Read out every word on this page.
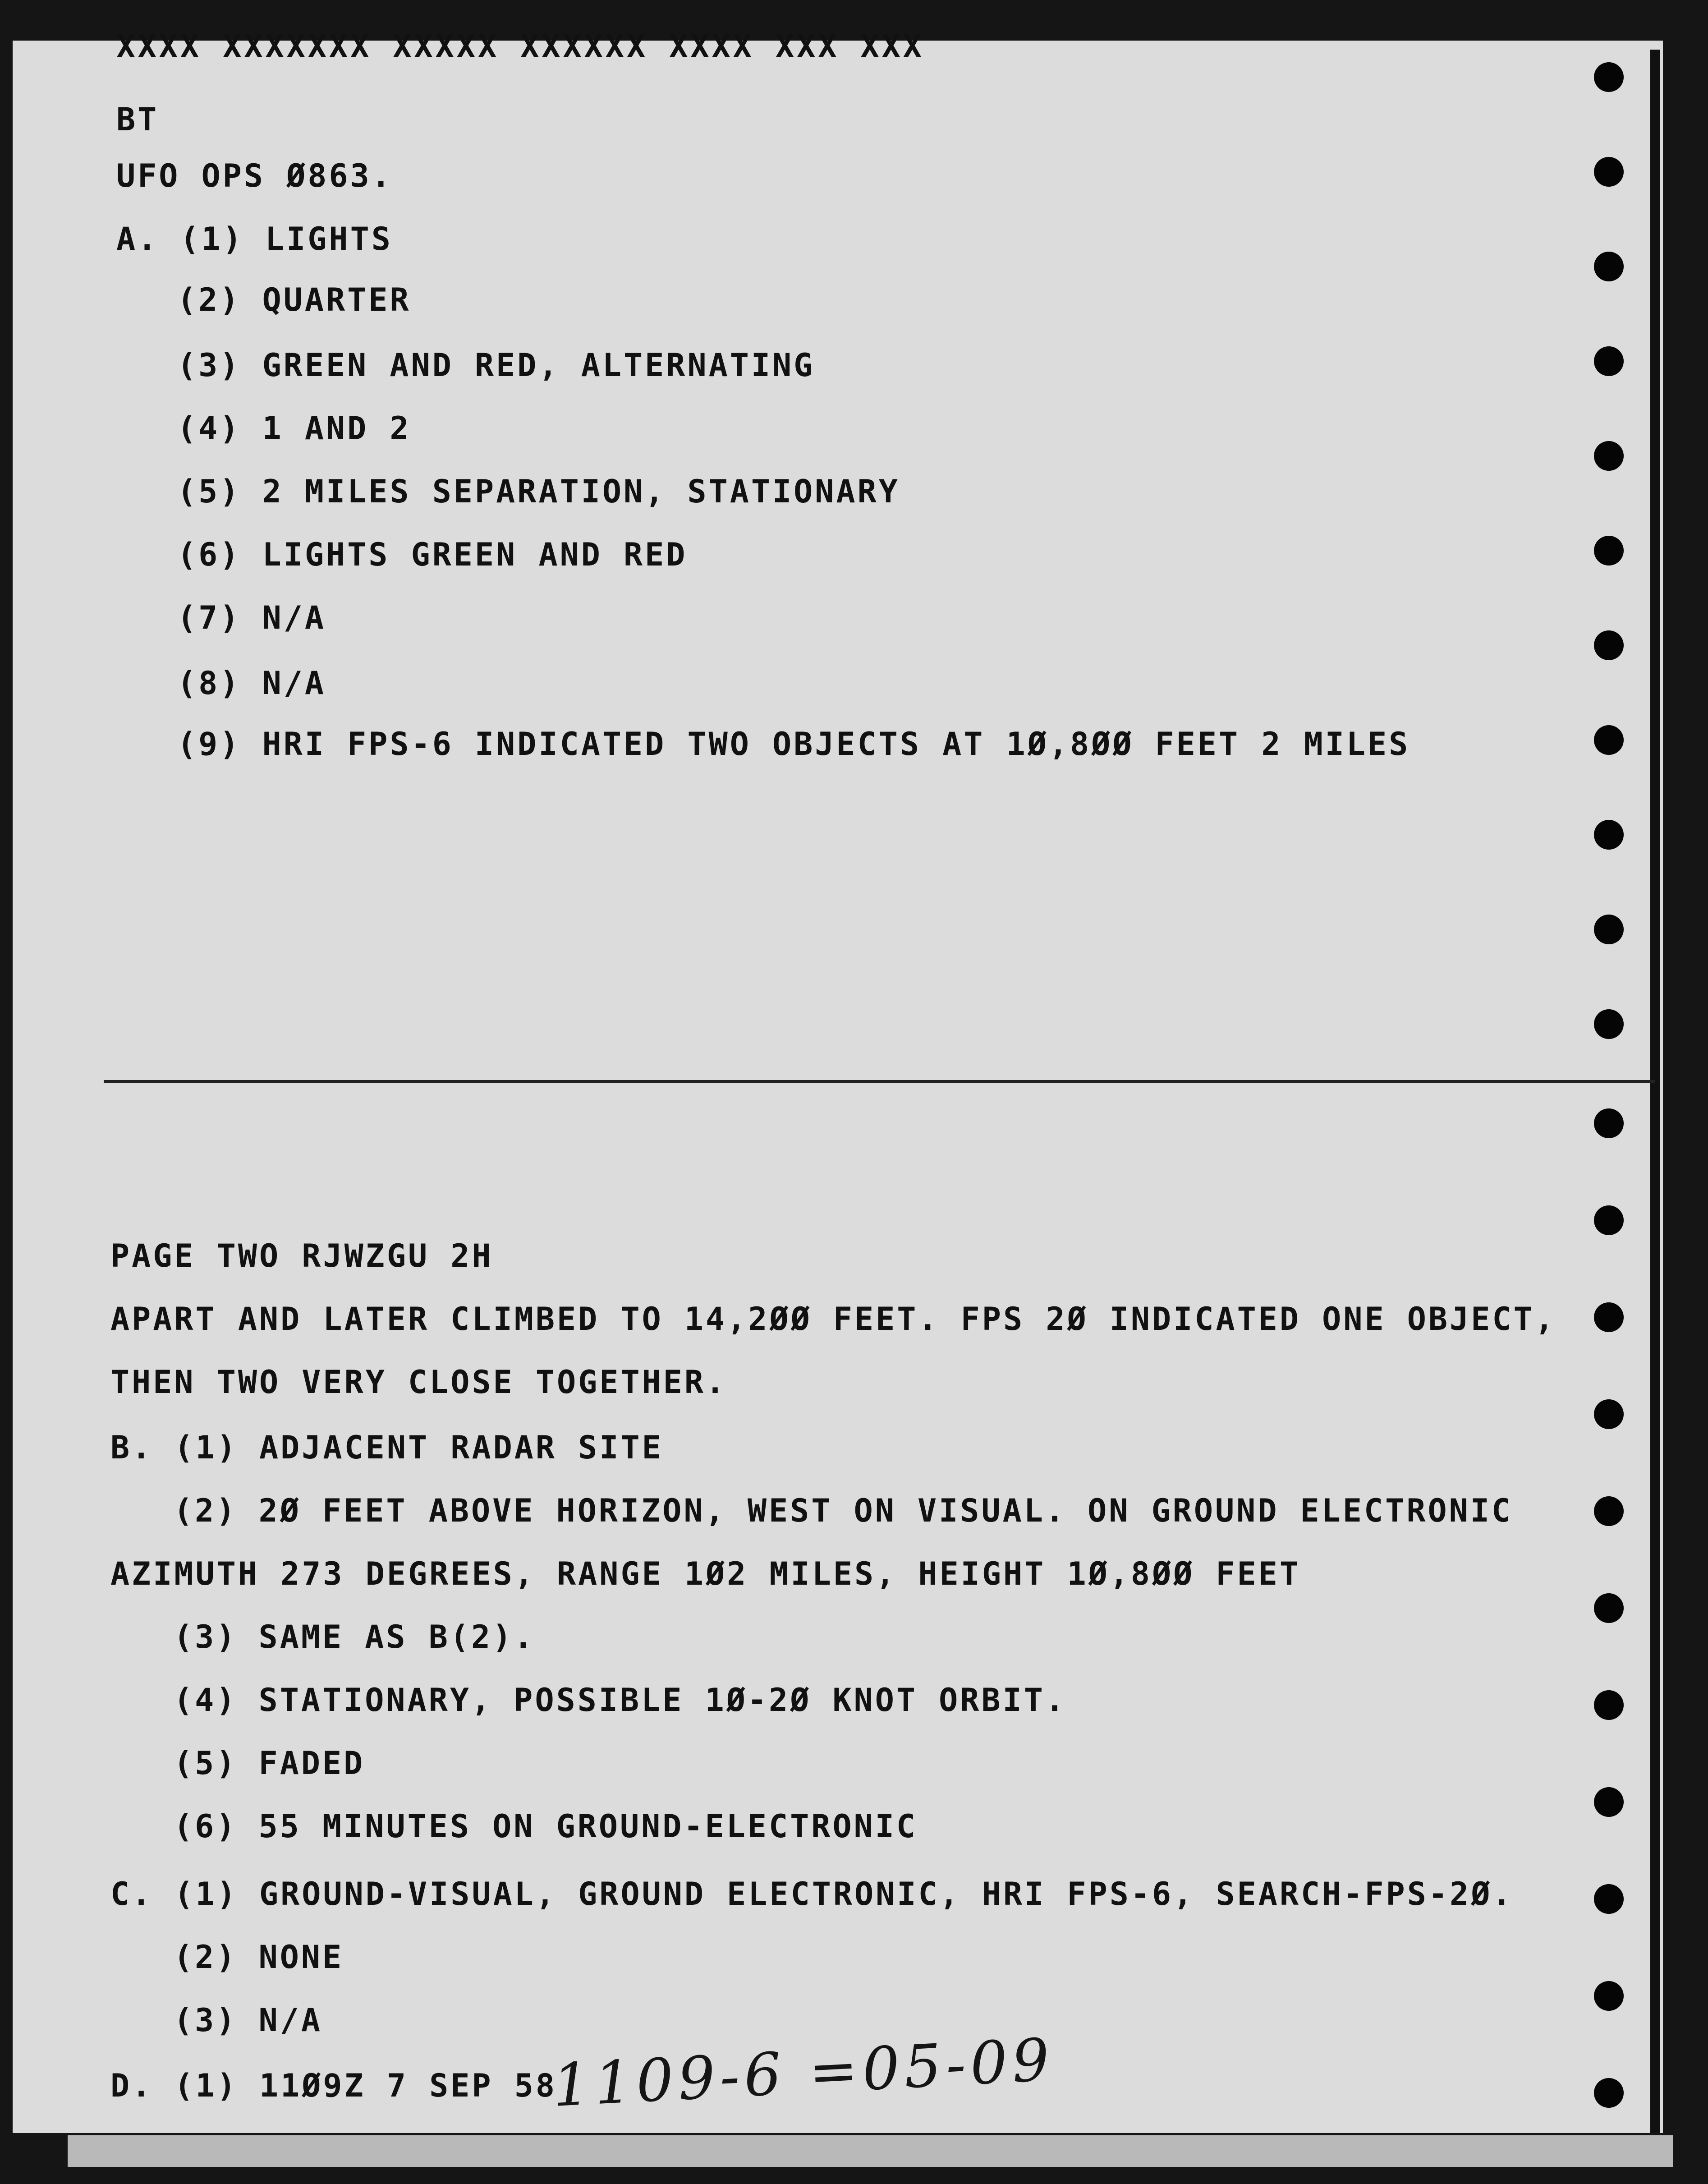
XXXX XXXXXXX XXXXX XXXXXX XXXX XXX XXX
BT
UFO OPS Ø863.
A. (1) LIGHTS
(2) QUARTER
(3) GREEN AND RED, ALTERNATING
(4) 1 AND 2
(5) 2 MILES SEPARATION, STATIONARY
(6) LIGHTS GREEN AND RED
(7) N/A
(8) N/A
(9) HRI FPS-6 INDICATED TWO OBJECTS AT 1Ø,8ØØ FEET 2 MILES
PAGE TWO RJWZGU 2H
APART AND LATER CLIMBED TO 14,2ØØ FEET. FPS 2Ø INDICATED ONE OBJECT,
THEN TWO VERY CLOSE TOGETHER.
B. (1) ADJACENT RADAR SITE
(2) 2Ø FEET ABOVE HORIZON, WEST ON VISUAL. ON GROUND ELECTRONIC
AZIMUTH 273 DEGREES, RANGE 1Ø2 MILES, HEIGHT 1Ø,8ØØ FEET
(3) SAME AS B(2).
(4) STATIONARY, POSSIBLE 1Ø-2Ø KNOT ORBIT.
(5) FADED
(6) 55 MINUTES ON GROUND-ELECTRONIC
C. (1) GROUND-VISUAL, GROUND ELECTRONIC, HRI FPS-6, SEARCH-FPS-2Ø.
(2) NONE
(3) N/A
D. (1) 11Ø9Z 7 SEP 58
1109-6 =05-09
